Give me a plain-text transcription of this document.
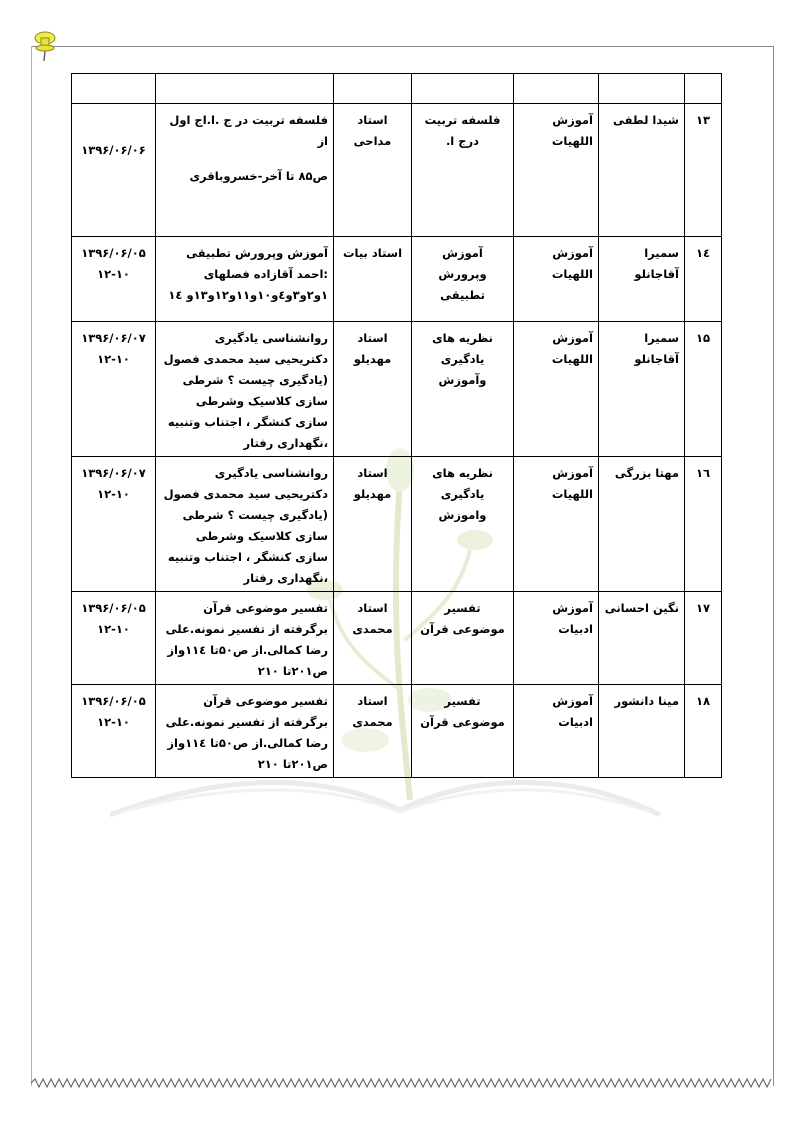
۱۳	شیدا لطفی	آموزش اللهیات	فلسفه تربیت درج ا.	استاد مداحی	فلسفه تربیت در ج .ا.اج اول از
ص۸۵ تا آخر-خسروباقری	۱۳۹۶/۰۶/۰۶

۱٤	سمیرا آقاجانلو	آموزش اللهیات	آموزش وپرورش تطبیقی	استاد بیات	آموزش وپرورش تطبیقی :احمد آقازاده فصلهای ۱و۲و۳و٤و۱۰و۱۱و۱۲و۱۳و ۱٤	۱۳۹۶/۰۶/۰۵
۱۲-۱۰

۱۵	سمیرا آقاجانلو	آموزش اللهیات	نظریه های یادگیری وآموزش	استاد مهدیلو	روانشناسی یادگیری دکتریحیی سید محمدی فصول (یادگیری چیست ؟ شرطی سازی کلاسیک وشرطی سازی کنشگر ، اجتناب وتنبیه ،نگهداری رفتار	۱۳۹۶/۰۶/۰۷
۱۲-۱۰

۱٦	مهتا بزرگی	آموزش اللهیات	نظریه های یادگیری واموزش	استاد مهدیلو	روانشناسی یادگیری دکتریحیی سید محمدی فصول (یادگیری چیست ؟ شرطی سازی کلاسیک وشرطی سازی کنشگر ، اجتناب وتنبیه ،نگهداری رفتار	۱۳۹۶/۰۶/۰۷
۱۲-۱۰

۱۷	نگین احسانی	آموزش ادبیات	تفسیر موضوعی قرآن	استاد محمدی	تفسیر موضوعی قرآن برگرفته از تفسیر نمونه.علی رضا کمالی.از ص۵۰تا ۱۱٤واز ص۲۰۱تا ۲۱۰	۱۳۹۶/۰۶/۰۵
۱۲-۱۰

۱۸	مینا دانشور	آموزش ادبیات	تفسیر موضوعی قرآن	استاد محمدی	تفسیر موضوعی قرآن برگرفته از تفسیر نمونه.علی رضا کمالی.از ص۵۰تا ۱۱٤واز ص۲۰۱تا ۲۱۰	۱۳۹۶/۰۶/۰۵
۱۲-۱۰
